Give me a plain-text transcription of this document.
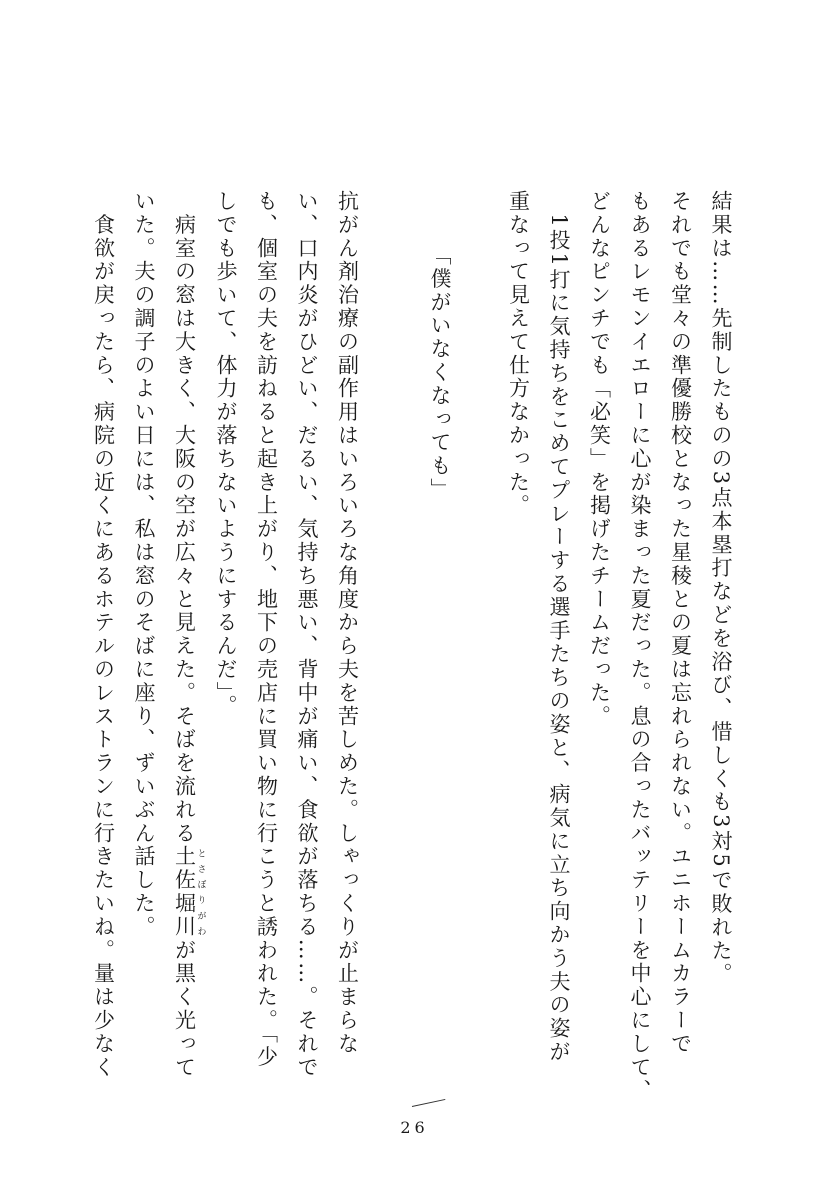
結果は……先制したものの3点本塁打などを浴び、惜しくも3対5で敗れた。
それでも堂々の準優勝校となった星稜との夏は忘れられない。ユニホームカラーで
もあるレモンイエローに心が染まった夏だった。息の合ったバッテリーを中心にして、
どんなピンチでも「必笑」を掲げたチームだった。
　1投1打に気持ちをこめてプレーする選手たちの姿と、病気に立ち向かう夫の姿が
重なって見えて仕方なかった。
「僕がいなくなっても」
抗がん剤治療の副作用はいろいろな角度から夫を苦しめた。しゃっくりが止まらな
い、口内炎がひどい、だるい、気持ち悪い、背中が痛い、食欲が落ちる……。それで
も、個室の夫を訪ねると起き上がり、地下の売店に買い物に行こうと誘われた。「少
しでも歩いて、体力が落ちないようにするんだ」。
　病室の窓は大きく、大阪の空が広々と見えた。そばを流れる土佐堀川 とさぼりがわが黒く光って
いた。夫の調子のよい日には、私は窓のそばに座り、ずいぶん話した。
　食欲が戻ったら、病院の近くにあるホテルのレストランに行きたいね。量は少なく
26
